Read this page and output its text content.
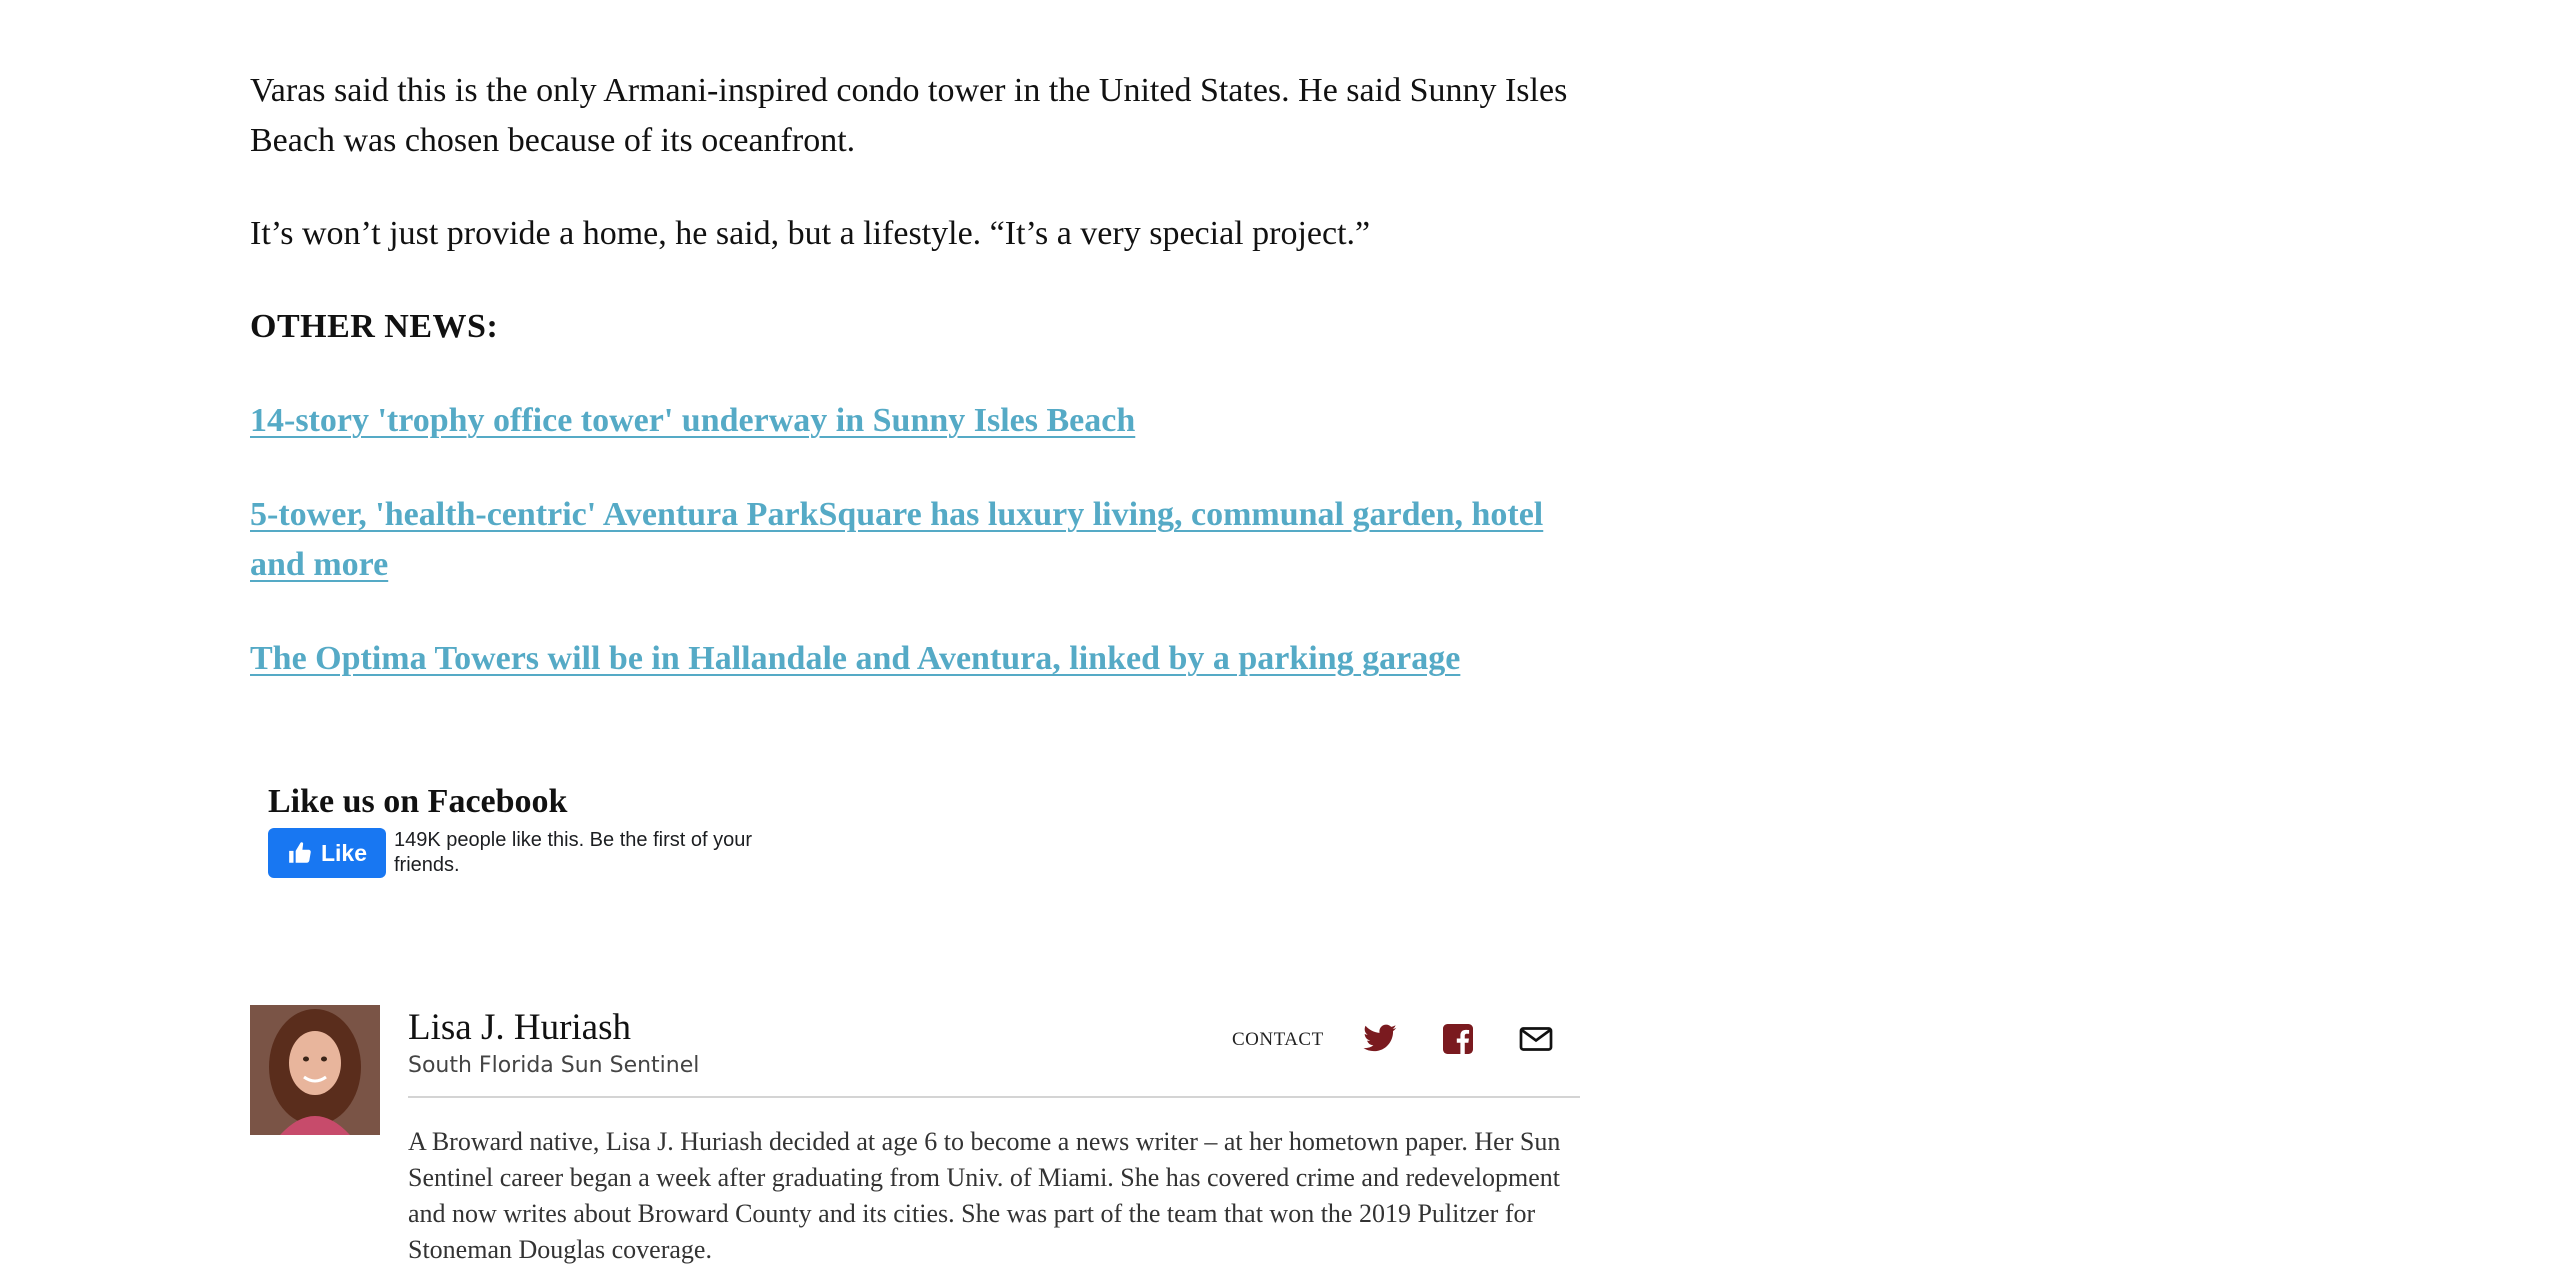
Varas said this is the only Armani-inspired condo tower in the United States. He said Sunny Isles Beach was chosen because of its oceanfront.

It’s won’t just provide a home, he said, but a lifestyle. “It’s a very special project.”

OTHER NEWS:

14-story 'trophy office tower' underway in Sunny Isles Beach
5-tower, 'health-centric' Aventura ParkSquare has luxury living, communal garden, hotel and more
The Optima Towers will be in Hallandale and Aventura, linked by a parking garage

Like us on Facebook

Like 149K people like this. Be the first of your friends.
Lisa J. Huriash
South Florida Sun Sentinel
CONTACT

A Broward native, Lisa J. Huriash decided at age 6 to become a news writer – at her hometown paper. Her Sun Sentinel career began a week after graduating from Univ. of Miami. She has covered crime and redevelopment and now writes about Broward County and its cities. She was part of the team that won the 2019 Pulitzer for Stoneman Douglas coverage.
